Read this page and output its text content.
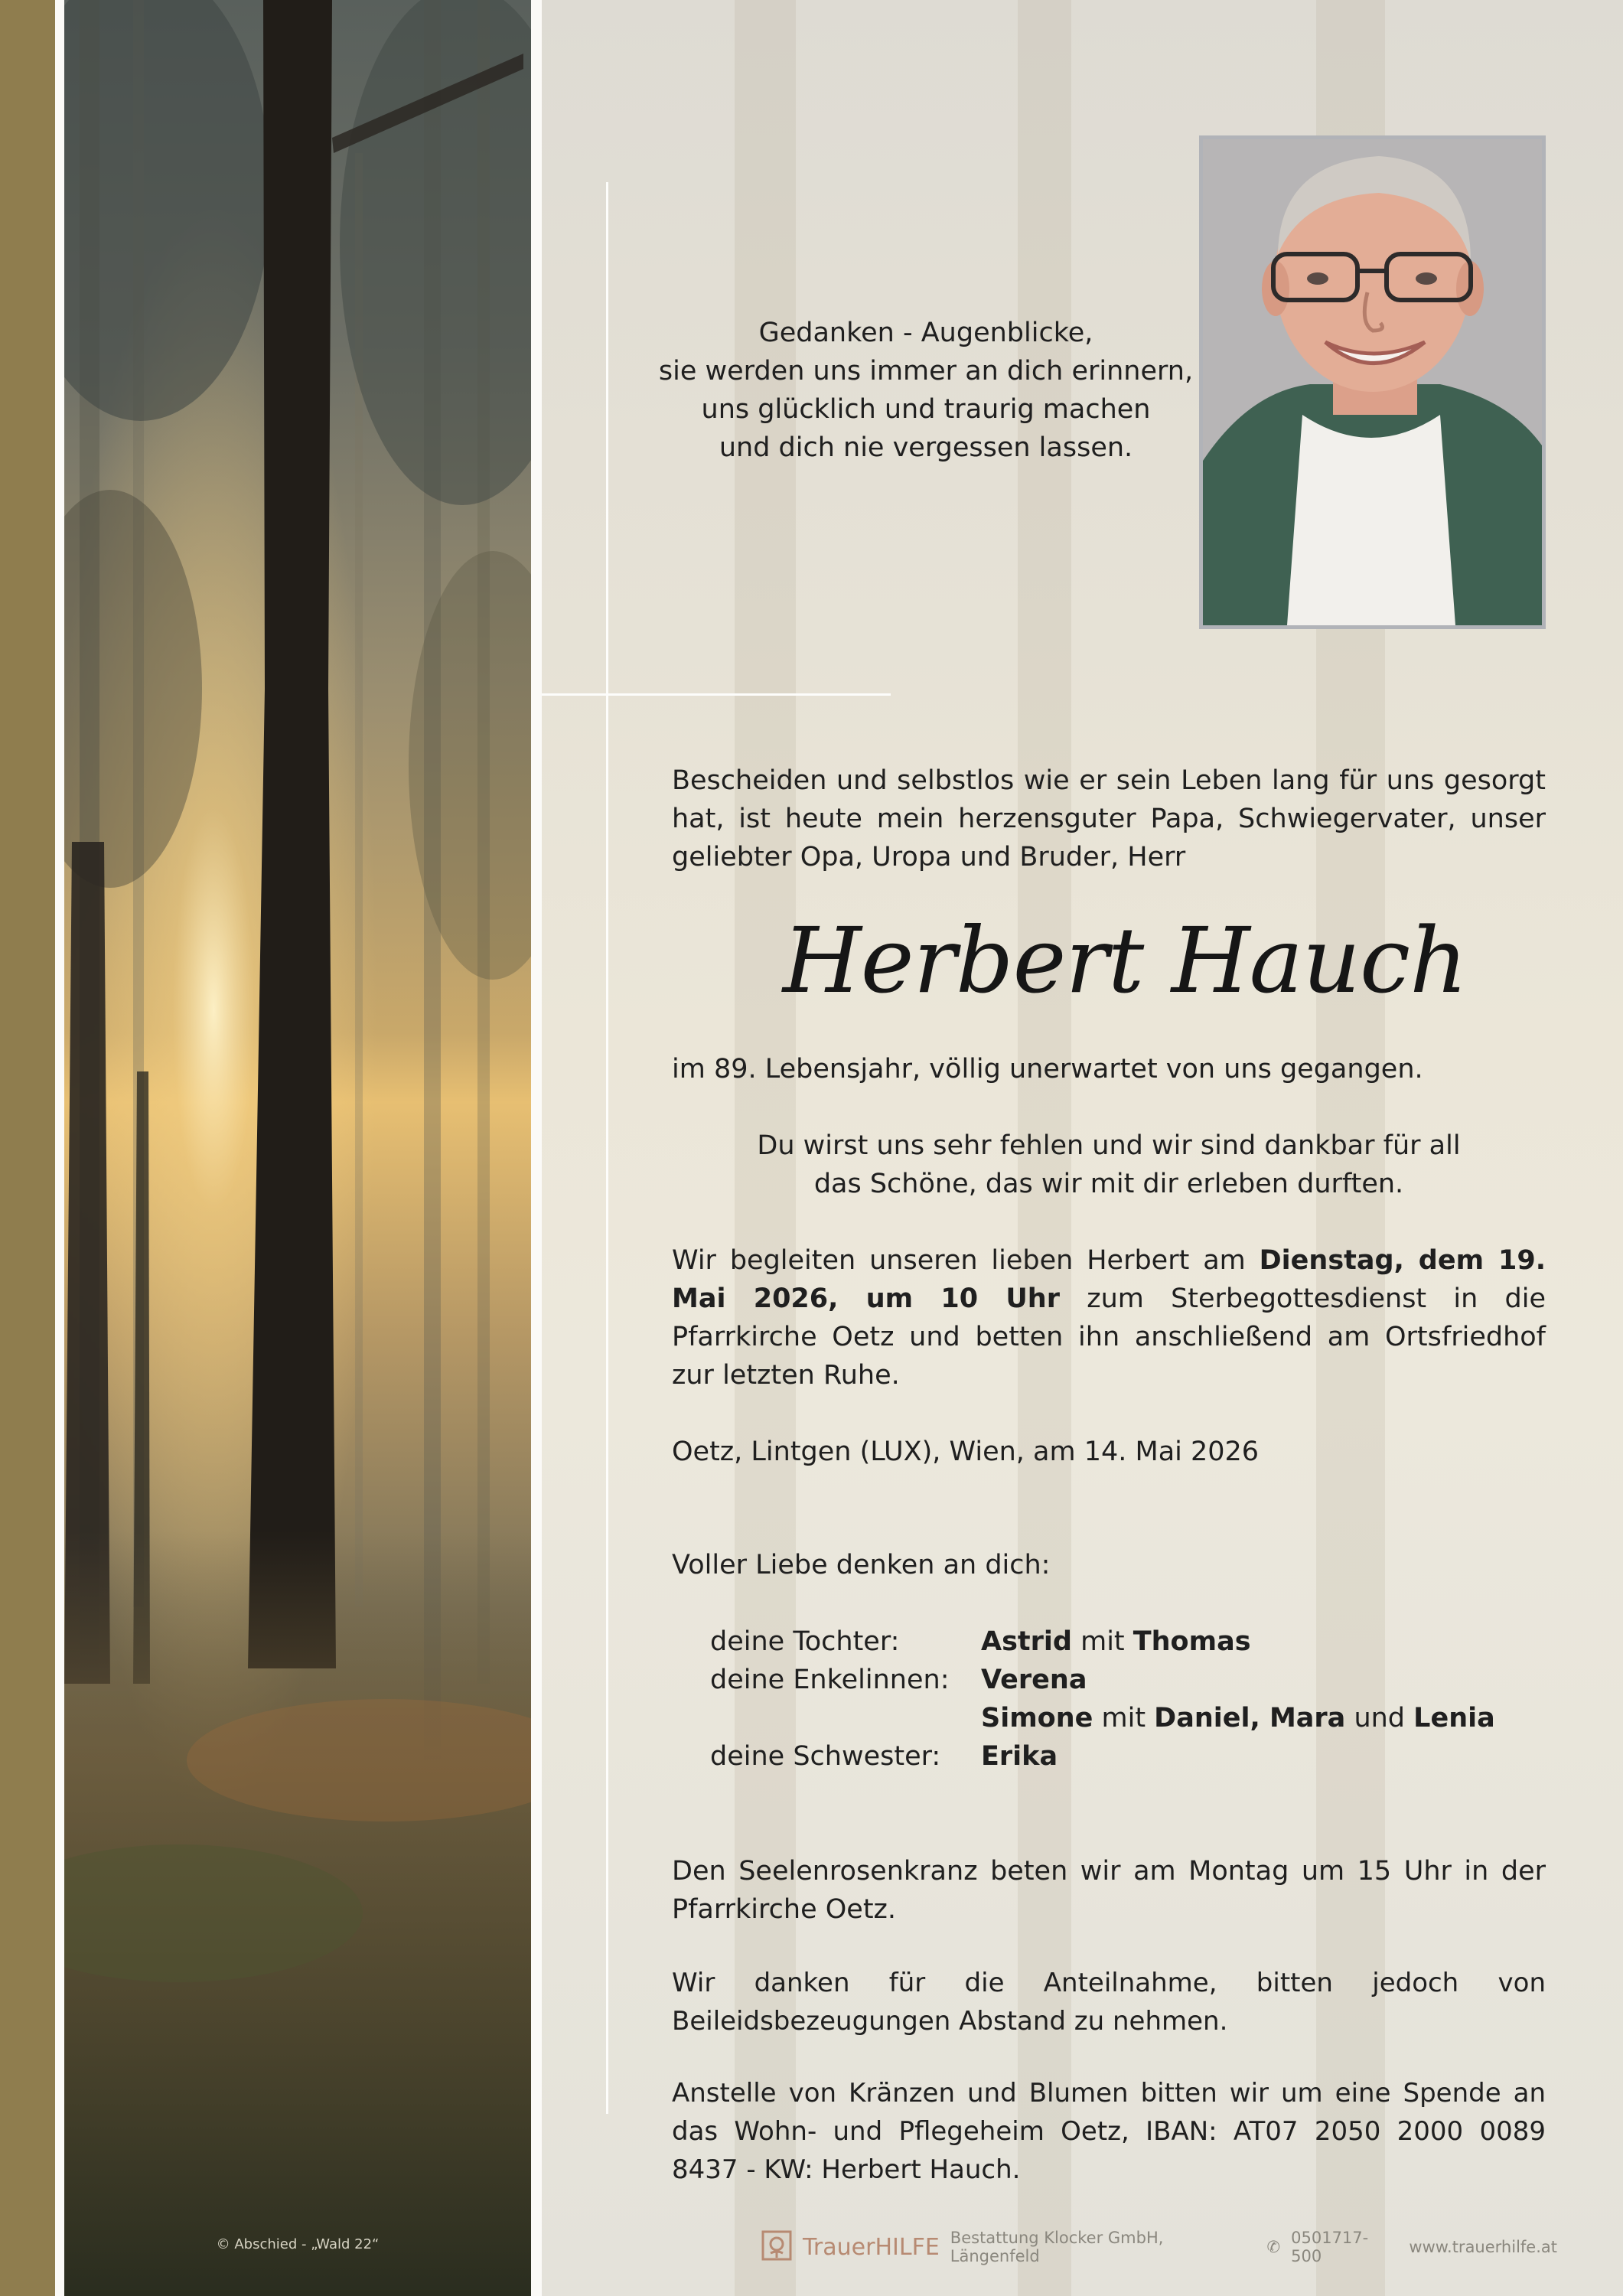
Gedanken - Augenblicke,
sie werden uns immer an dich erinnern,
uns glücklich und traurig machen
und dich nie vergessen lassen.
Bescheiden und selbstlos wie er sein Leben lang für uns gesorgt hat, ist heute mein herzensguter Papa, Schwiegervater, unser geliebter Opa, Uropa und Bruder, Herr
Herbert Hauch
im 89. Lebensjahr, völlig unerwartet von uns gegangen.
Du wirst uns sehr fehlen und wir sind dankbar für all
das Schöne, das wir mit dir erleben durften.
Wir begleiten unseren lieben Herbert am Dienstag, dem 19. Mai 2026, um 10 Uhr zum Sterbegottesdienst in die Pfarrkirche Oetz und betten ihn anschließend am Ortsfriedhof zur letzten Ruhe.
Oetz, Lintgen (LUX), Wien, am 14. Mai 2026
Voller Liebe denken an dich:
deine Tochter:	Astrid mit Thomas
deine Enkelinnen:	Verena
Simone mit Daniel, Mara und Lenia
deine Schwester:	Erika
Den Seelenrosenkranz beten wir am Montag um 15 Uhr in der Pfarrkirche Oetz.
Wir danken für die Anteilnahme, bitten jedoch von Beileidsbezeugungen Abstand zu nehmen.
Anstelle von Kränzen und Blumen bitten wir um eine Spende an das Wohn- und Pflegeheim Oetz, IBAN: AT07 2050 2000 0089 8437 - KW: Herbert Hauch.
© Abschied - „Wald 22“	TrauerHILFE Bestattung Klocker GmbH, Längenfeld	✆ 0501717-500	www.trauerhilfe.at
